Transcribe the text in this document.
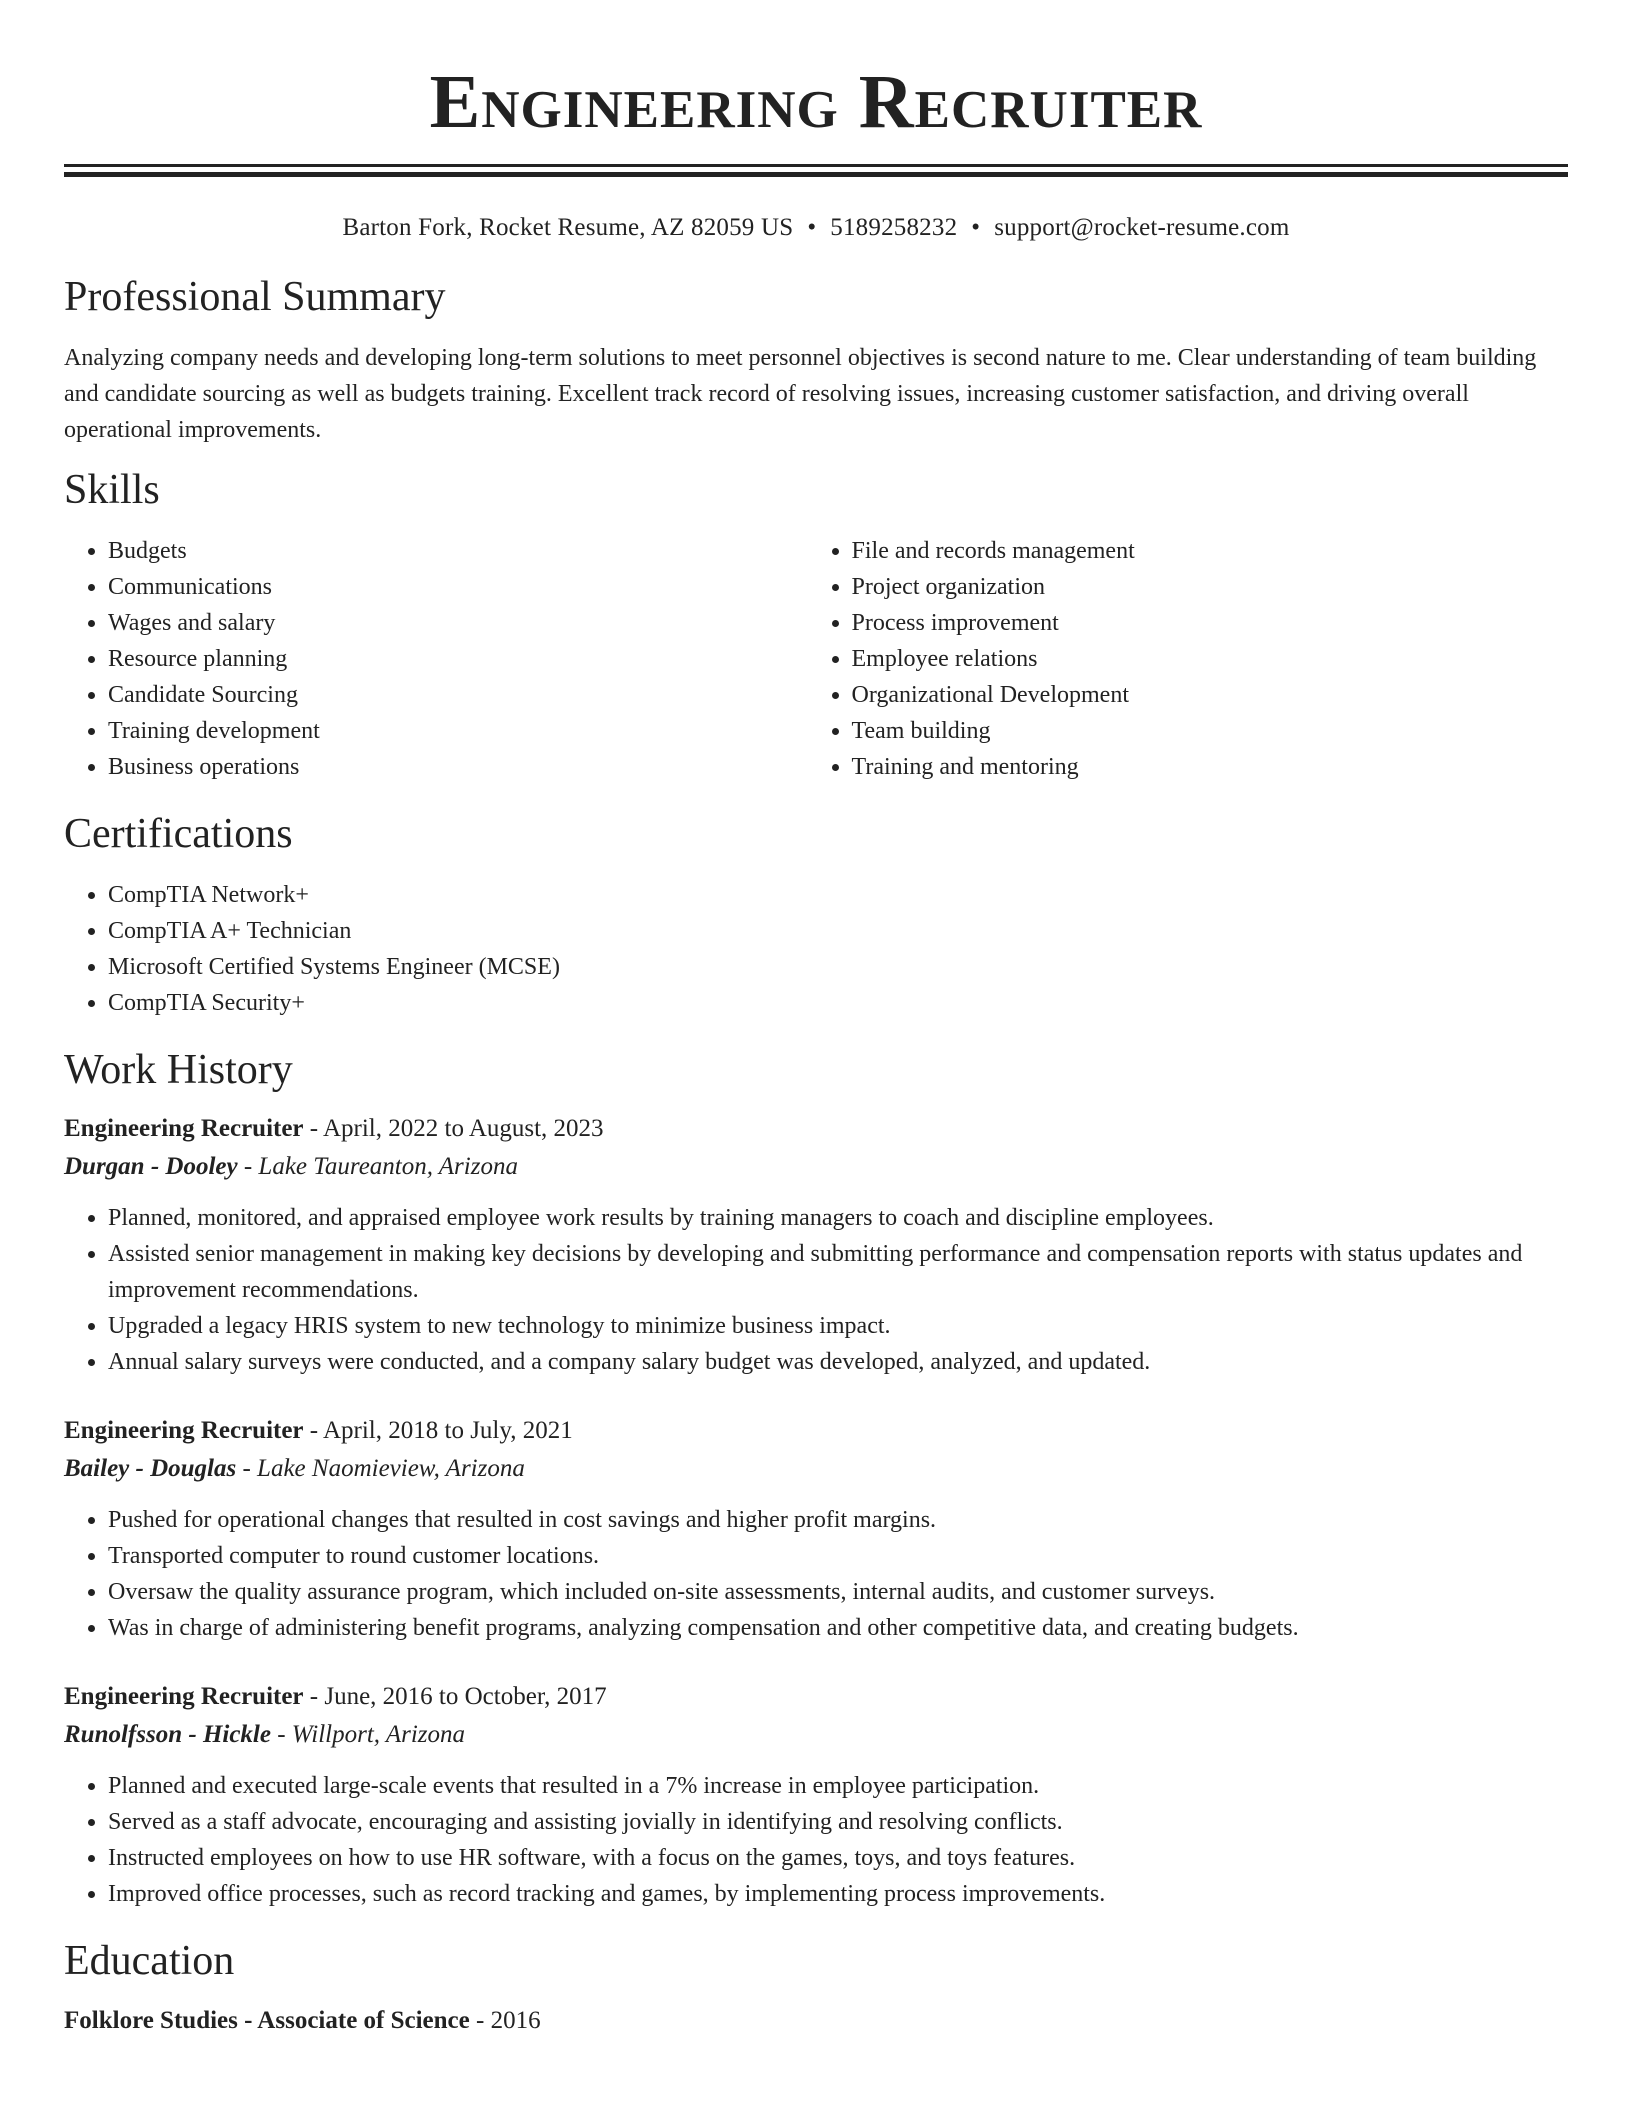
Engineering Recruiter
Barton Fork, Rocket Resume, AZ 82059 US • 5189258232 • support@rocket-resume.com
Professional Summary

Analyzing company needs and developing long-term solutions to meet personnel objectives is second nature to me. Clear understanding of team building and candidate sourcing as well as budgets training. Excellent track record of resolving issues, increasing customer satisfaction, and driving overall operational improvements.

Skills
• Budgets
• Communications
• Wages and salary
• Resource planning
• Candidate Sourcing
• Training development
• Business operations
• File and records management
• Project organization
• Process improvement
• Employee relations
• Organizational Development
• Team building
• Training and mentoring
Certifications
• CompTIA Network+
• CompTIA A+ Technician
• Microsoft Certified Systems Engineer (MCSE)
• CompTIA Security+
Work History
Engineering Recruiter - April, 2022 to August, 2023
Durgan - Dooley - Lake Taureanton, Arizona
• Planned, monitored, and appraised employee work results by training managers to coach and discipline employees.
• Assisted senior management in making key decisions by developing and submitting performance and compensation reports with status updates and improvement recommendations.
• Upgraded a legacy HRIS system to new technology to minimize business impact.
• Annual salary surveys were conducted, and a company salary budget was developed, analyzed, and updated.
Engineering Recruiter - April, 2018 to July, 2021
Bailey - Douglas - Lake Naomieview, Arizona
• Pushed for operational changes that resulted in cost savings and higher profit margins.
• Transported computer to round customer locations.
• Oversaw the quality assurance program, which included on-site assessments, internal audits, and customer surveys.
• Was in charge of administering benefit programs, analyzing compensation and other competitive data, and creating budgets.
Engineering Recruiter - June, 2016 to October, 2017
Runolfsson - Hickle - Willport, Arizona
• Planned and executed large-scale events that resulted in a 7% increase in employee participation.
• Served as a staff advocate, encouraging and assisting jovially in identifying and resolving conflicts.
• Instructed employees on how to use HR software, with a focus on the games, toys, and toys features.
• Improved office processes, such as record tracking and games, by implementing process improvements.
Education
Folklore Studies - Associate of Science - 2016
